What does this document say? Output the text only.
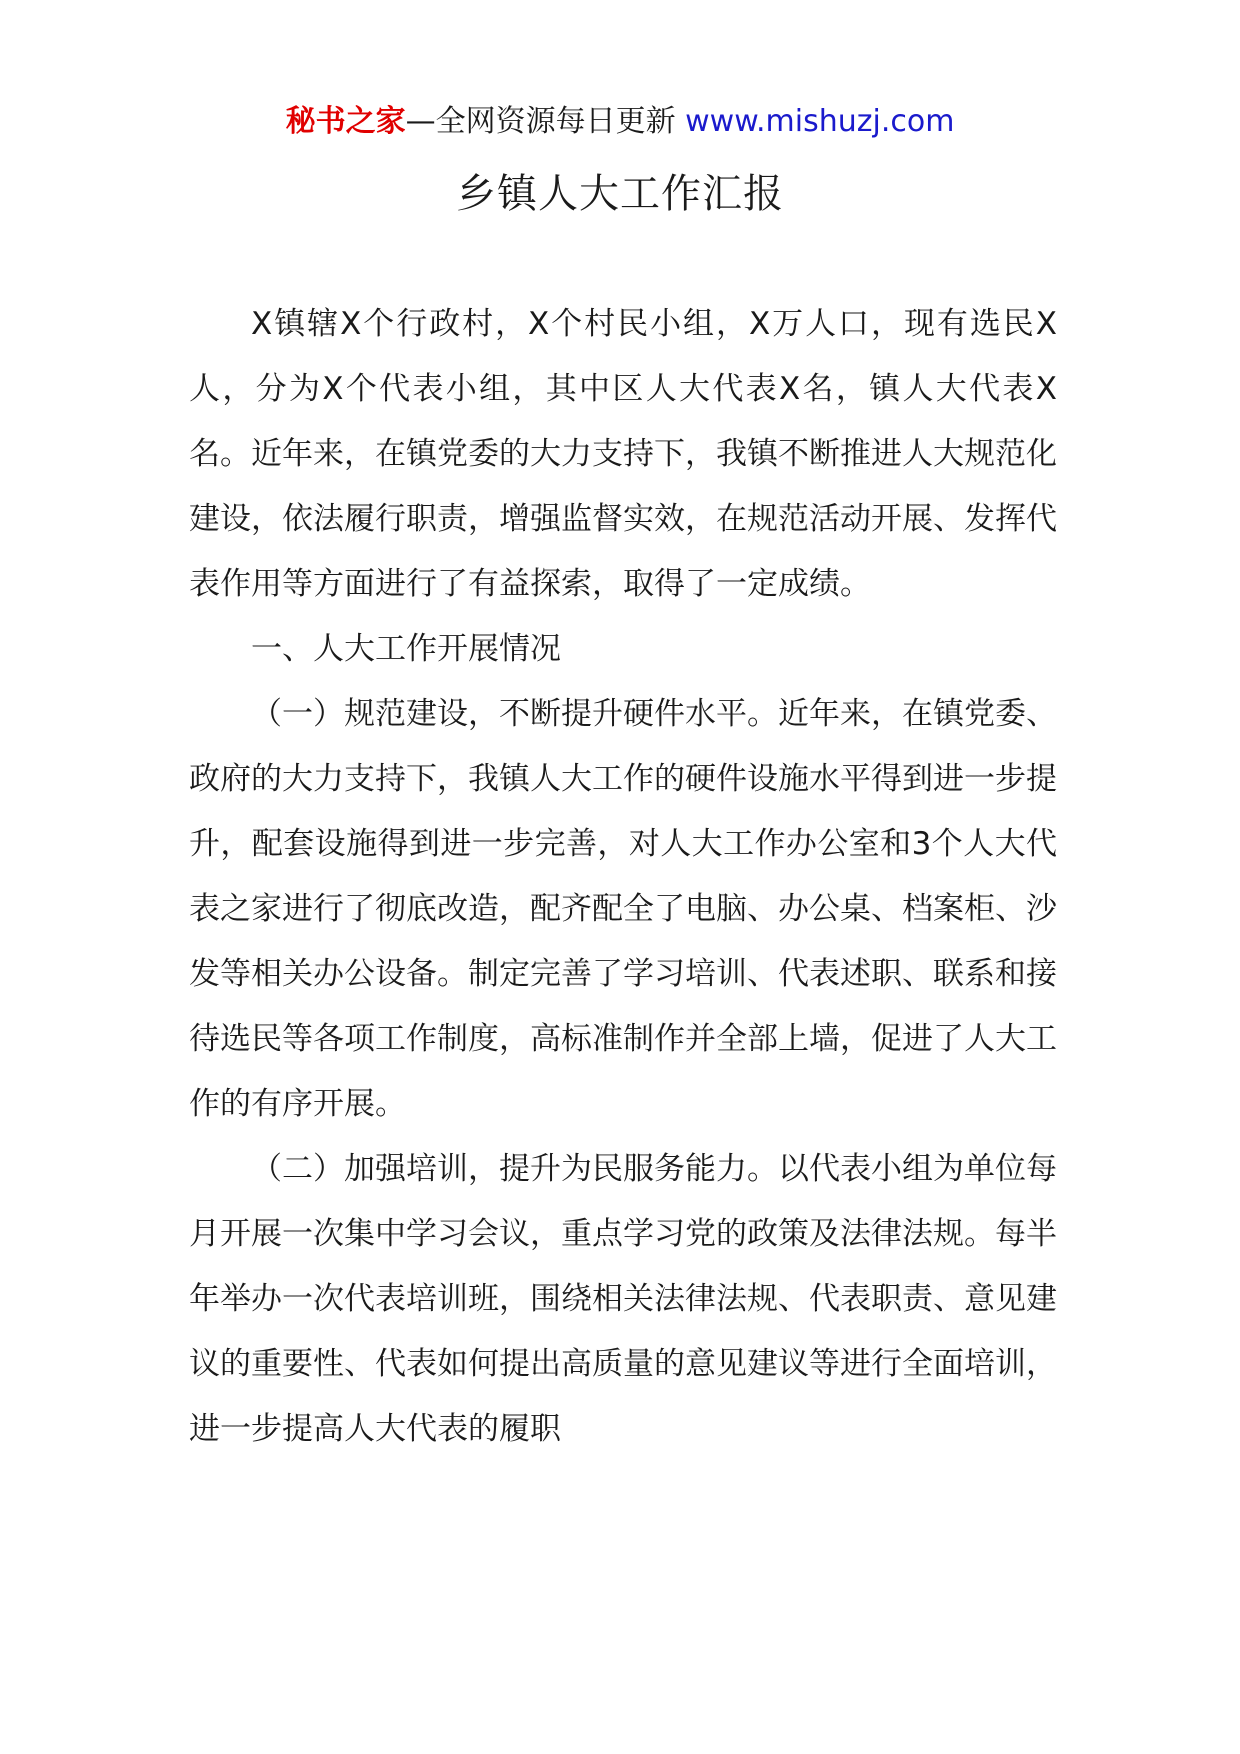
秘书之家—全网资源每日更新 www.mishuzj.com
乡镇人大工作汇报

X镇辖X个行政村，X个村民小组，X万人口，现有选民X人，分为X个代表小组，其中区人大代表X名，镇人大代表X名。近年来，在镇党委的大力支持下，我镇不断推进人大规范化建设，依法履行职责，增强监督实效，在规范活动开展、发挥代表作用等方面进行了有益探索，取得了一定成绩。

一、人大工作开展情况

（一）规范建设，不断提升硬件水平。近年来，在镇党委、政府的大力支持下，我镇人大工作的硬件设施水平得到进一步提升，配套设施得到进一步完善，对人大工作办公室和3个人大代表之家进行了彻底改造，配齐配全了电脑、办公桌、档案柜、沙发等相关办公设备。制定完善了学习培训、代表述职、联系和接待选民等各项工作制度，高标准制作并全部上墙，促进了人大工作的有序开展。

（二）加强培训，提升为民服务能力。以代表小组为单位每月开展一次集中学习会议，重点学习党的政策及法律法规。每半年举办一次代表培训班，围绕相关法律法规、代表职责、意见建议的重要性、代表如何提出高质量的意见建议等进行全面培训，进一步提高人大代表的履职
